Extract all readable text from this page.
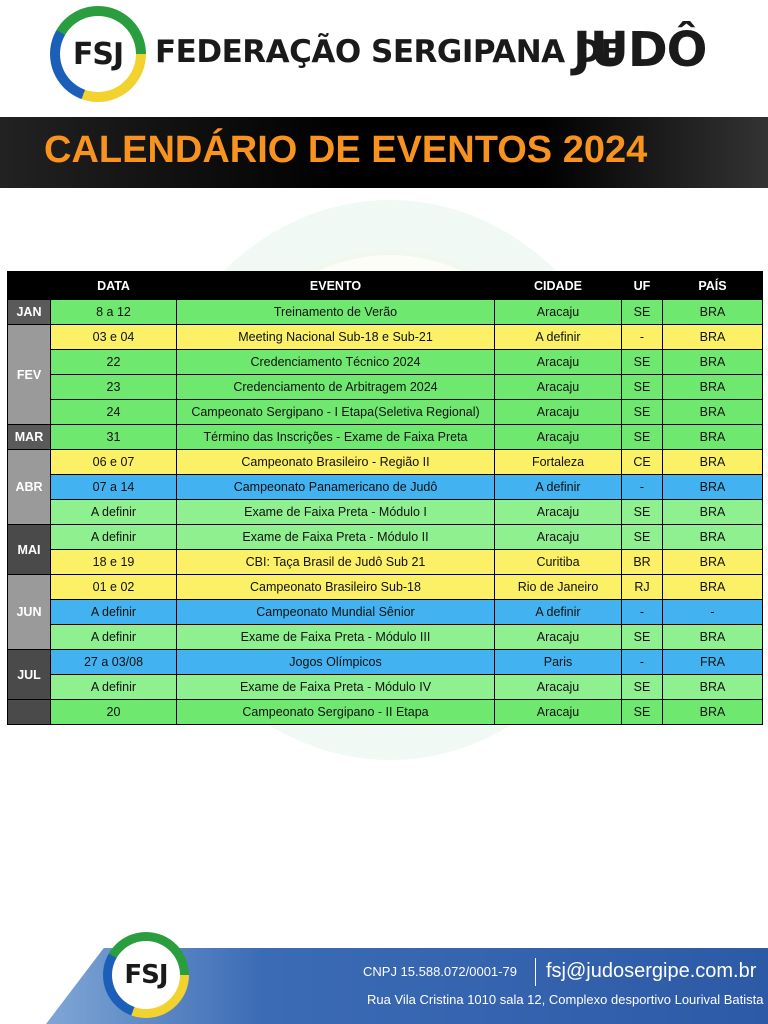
FSJ	FEDERAÇÃO SERGIPANA DE
JUDÔ
CALENDÁRIO DE EVENTOS 2024
	DATA	EVENTO	CIDADE	UF	PAÍS
JAN	8 a 12	Treinamento de Verão	Aracaju	SE	BRA
FEV	03 e 04	Meeting Nacional Sub-18 e Sub-21	A definir	-	BRA
	22	Credenciamento Técnico 2024	Aracaju	SE	BRA
	23	Credenciamento de Arbitragem 2024	Aracaju	SE	BRA
	24	Campeonato Sergipano - I Etapa(Seletiva Regional)	Aracaju	SE	BRA
MAR	31	Término das Inscrições - Exame de Faixa Preta	Aracaju	SE	BRA
ABR	06 e 07	Campeonato Brasileiro - Região II	Fortaleza	CE	BRA
	07 a 14	Campeonato Panamericano de Judô	A definir	-	BRA
	A definir	Exame de Faixa Preta - Módulo I	Aracaju	SE	BRA
MAI	A definir	Exame de Faixa Preta - Módulo II	Aracaju	SE	BRA
	18 e 19	CBI: Taça Brasil de Judô Sub 21	Curitiba	BR	BRA
JUN	01 e 02	Campeonato Brasileiro Sub-18	Rio de Janeiro	RJ	BRA
	A definir	Campeonato Mundial Sênior	A definir	-	-
	A definir	Exame de Faixa Preta - Módulo III	Aracaju	SE	BRA
JUL	27 a 03/08	Jogos Olímpicos	Paris	-	FRA
	A definir	Exame de Faixa Preta - Módulo IV	Aracaju	SE	BRA
	20	Campeonato Sergipano - II Etapa	Aracaju	SE	BRA
FSJ	CNPJ 15.588.072/0001-79 fsj@judosergipe.com.br
Rua Vila Cristina 1010 sala 12, Complexo desportivo Lourival Batista
